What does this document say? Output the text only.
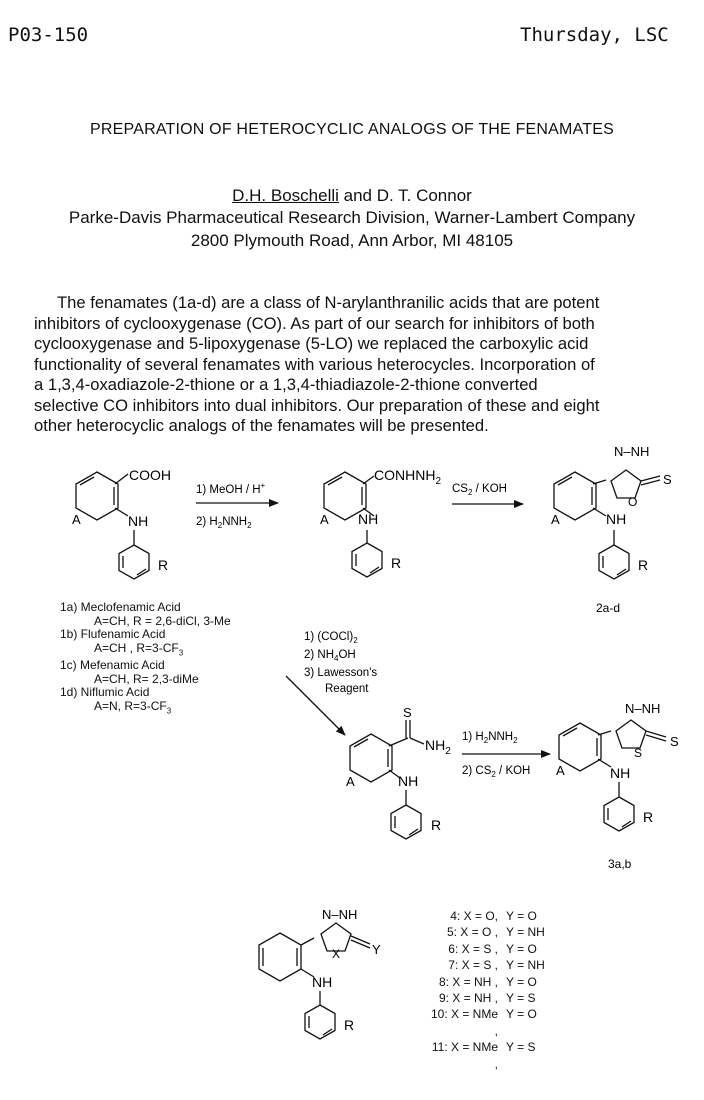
P03-150	Thursday, LSC
PREPARATION OF HETEROCYCLIC ANALOGS OF THE FENAMATES
D.H. Boschelli and D. T. Connor
Parke-Davis Pharmaceutical Research Division, Warner-Lambert Company
2800 Plymouth Road, Ann Arbor, MI 48105

The fenamates (1a-d) are a class of N-arylanthranilic acids that are potent

inhibitors of cyclooxygenase (CO). As part of our search for inhibitors of both

cyclooxygenase and 5-lipoxygenase (5-LO) we replaced the carboxylic acid

functionality of several fenamates with various heterocycles. Incorporation of

a 1,3,4-oxadiazole-2-thione or a 1,3,4-thiadiazole-2-thione converted

selective CO inhibitors into dual inhibitors. Our preparation of these and eight

other heterocyclic analogs of the fenamates will be presented.

COOH
NH
A
R
1) MeOH / H+
2) $H_2NNH_2$
$CONHNH_2$
NH
A
R
$CS_2$ / KOH
N–NH
O
S
NH
A
R
2a-d
1) $(COCl)_2$
2) $NH_4OH$
3) Lawesson's
Reagent
S
$NH_2$
NH
A
R
1) $H_2NNH_2$
2) $CS_2$ / KOH
N–NH
S
S
NH
A
R
3a,b
N–NH
X Y
NH
R
1a) Meclofenamic Acid
A=CH, R = 2,6-diCl, 3-Me
1b) Flufenamic Acid
A=CH , $R=3-CF_3$
1c) Mefenamic Acid
A=CH, R= 2,3-diMe
1d) Niflumic Acid
A=N, $R=3-CF_3$
4: X = O, Y = O
5: X = O , Y = NH
6: X = S , Y = O
7: X = S , Y = NH
8: X = NH , Y = O
9: X = NH , Y = S
10: X = NMe ,
Y = O
11: X = NMe ,
Y = S
